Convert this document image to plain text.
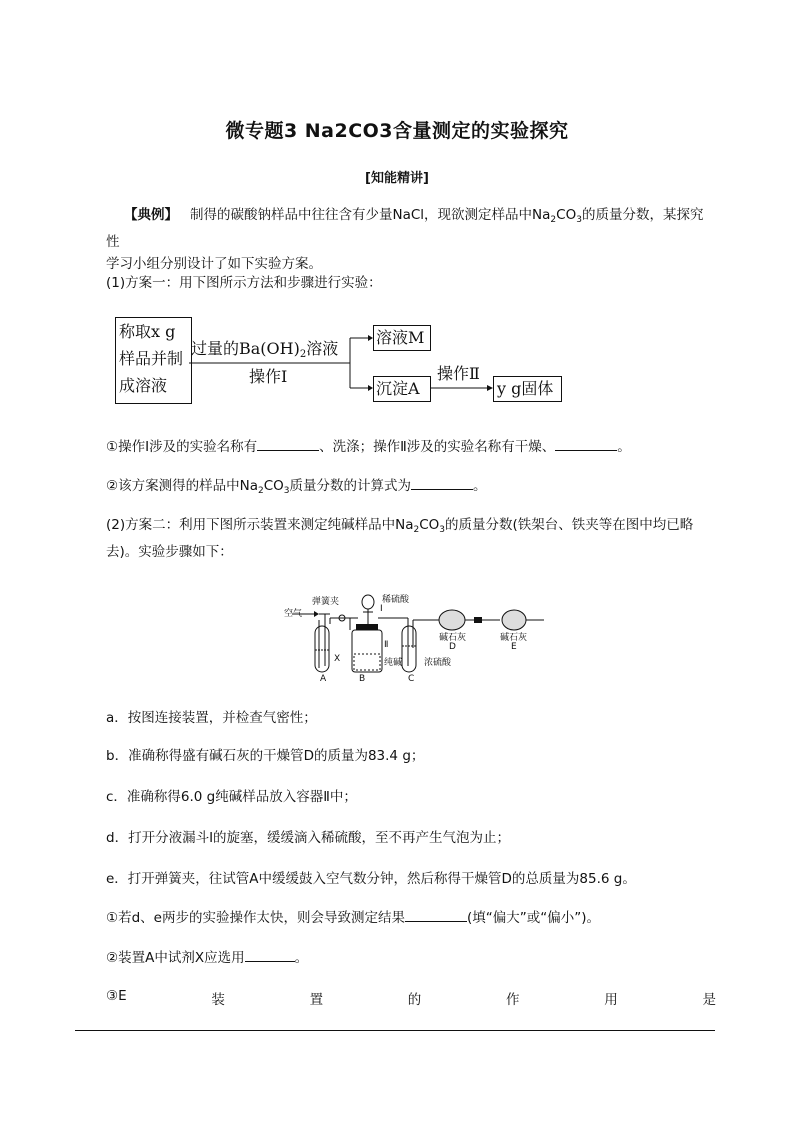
微专题3 Na2CO3含量测定的实验探究
[知能精讲]
【典例】 制得的碳酸钠样品中往往含有少量NaCl，现欲测定样品中$Na_2CO_3$的质量分数，某探究性
学习小组分别设计了如下实验方案。
(1)方案一：用下图所示方法和步骤进行实验：
称取x g
样品并制
成溶液
过量的Ba(OH)2溶液
操作Ⅰ
溶液M
沉淀A
操作Ⅱ
y g固体
①操作Ⅰ涉及的实验名称有	、洗涤；操作Ⅱ涉及的实验名称有干燥、	。
②该方案测得的样品中$Na_2CO_3$质量分数的计算式为	。
(2)方案二：利用下图所示装置来测定纯碱样品中$Na_2CO_3$的质量分数(铁架台、铁夹等在图中均已略
去)。实验步骤如下：
空气
弹簧夹	稀硫酸
Ⅰ
Ⅱ
X	纯碱 浓硫酸
碱石灰	碱石灰
A	B	C
D	E
a．按图连接装置，并检查气密性；
b．准确称得盛有碱石灰的干燥管D的质量为83.4 g；
c．准确称得6.0 g纯碱样品放入容器Ⅱ中；
d．打开分液漏斗Ⅰ的旋塞，缓缓滴入稀硫酸，至不再产生气泡为止；
e．打开弹簧夹，往试管A中缓缓鼓入空气数分钟，然后称得干燥管D的总质量为85.6 g。
①若d、e两步的实验操作太快，则会导致测定结果	(填“偏大”或“偏小”)。
②装置A中试剂X应选用	。
③E	装	置	的	作	用	是
